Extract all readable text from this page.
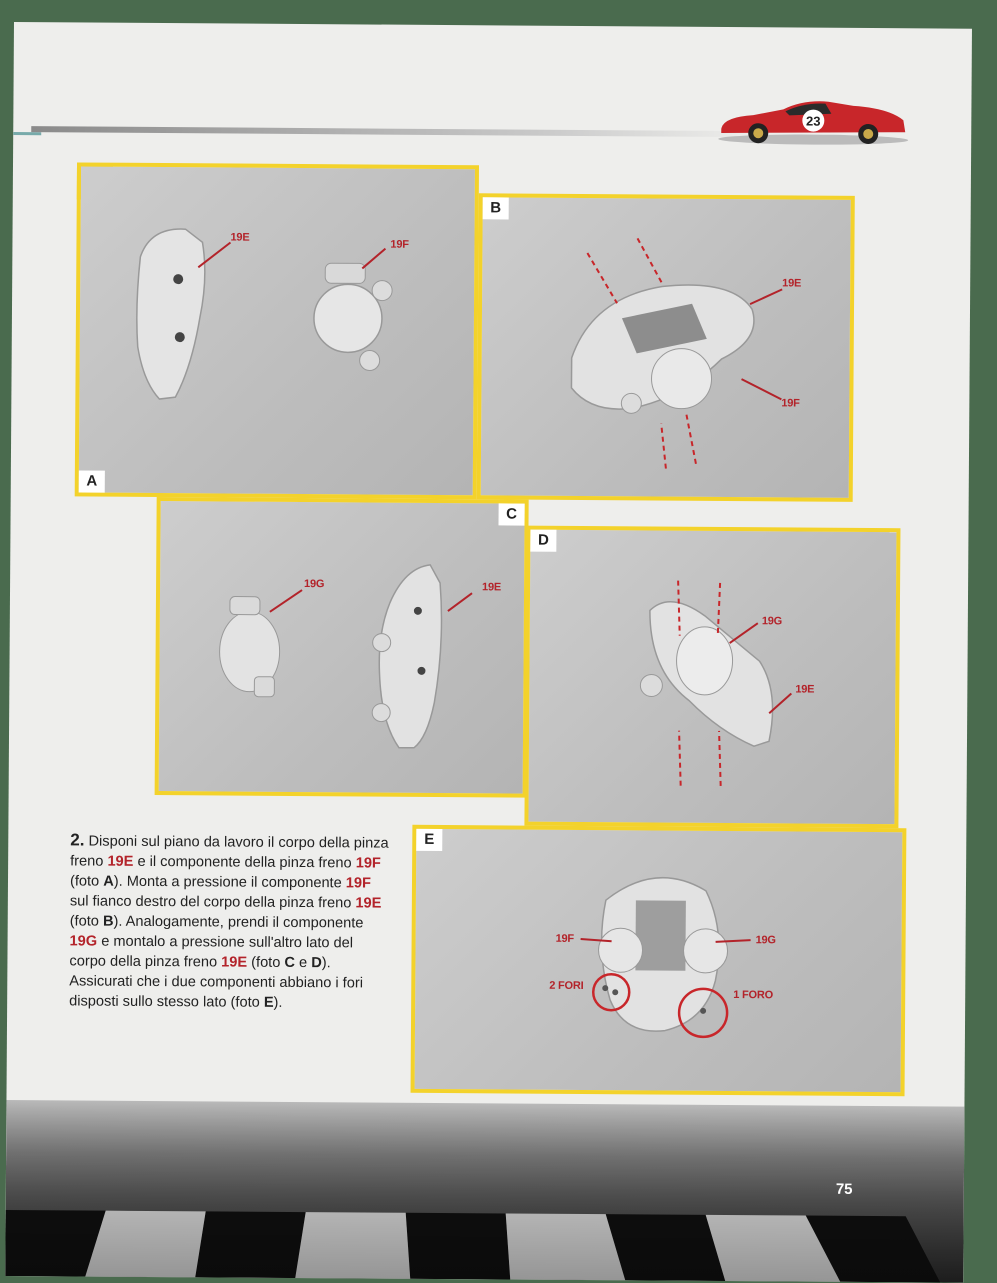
23
19E
19F
A
B
19E
19F
C
19G	19E
D
19G
19E
2. Disponi sul piano da lavoro il corpo della pinza freno 19E e il componente della pinza freno 19F (foto A). Monta a pressione il componente 19F sul fianco destro del corpo della pinza freno 19E (foto B). Analogamente, prendi il componente 19G e montalo a pressione sull'altro lato del corpo della pinza freno 19E (foto C e D). Assicurati che i due componenti abbiano i fori disposti sullo stesso lato (foto E).
E
19F	19G
2 FORI
1 FORO
75
